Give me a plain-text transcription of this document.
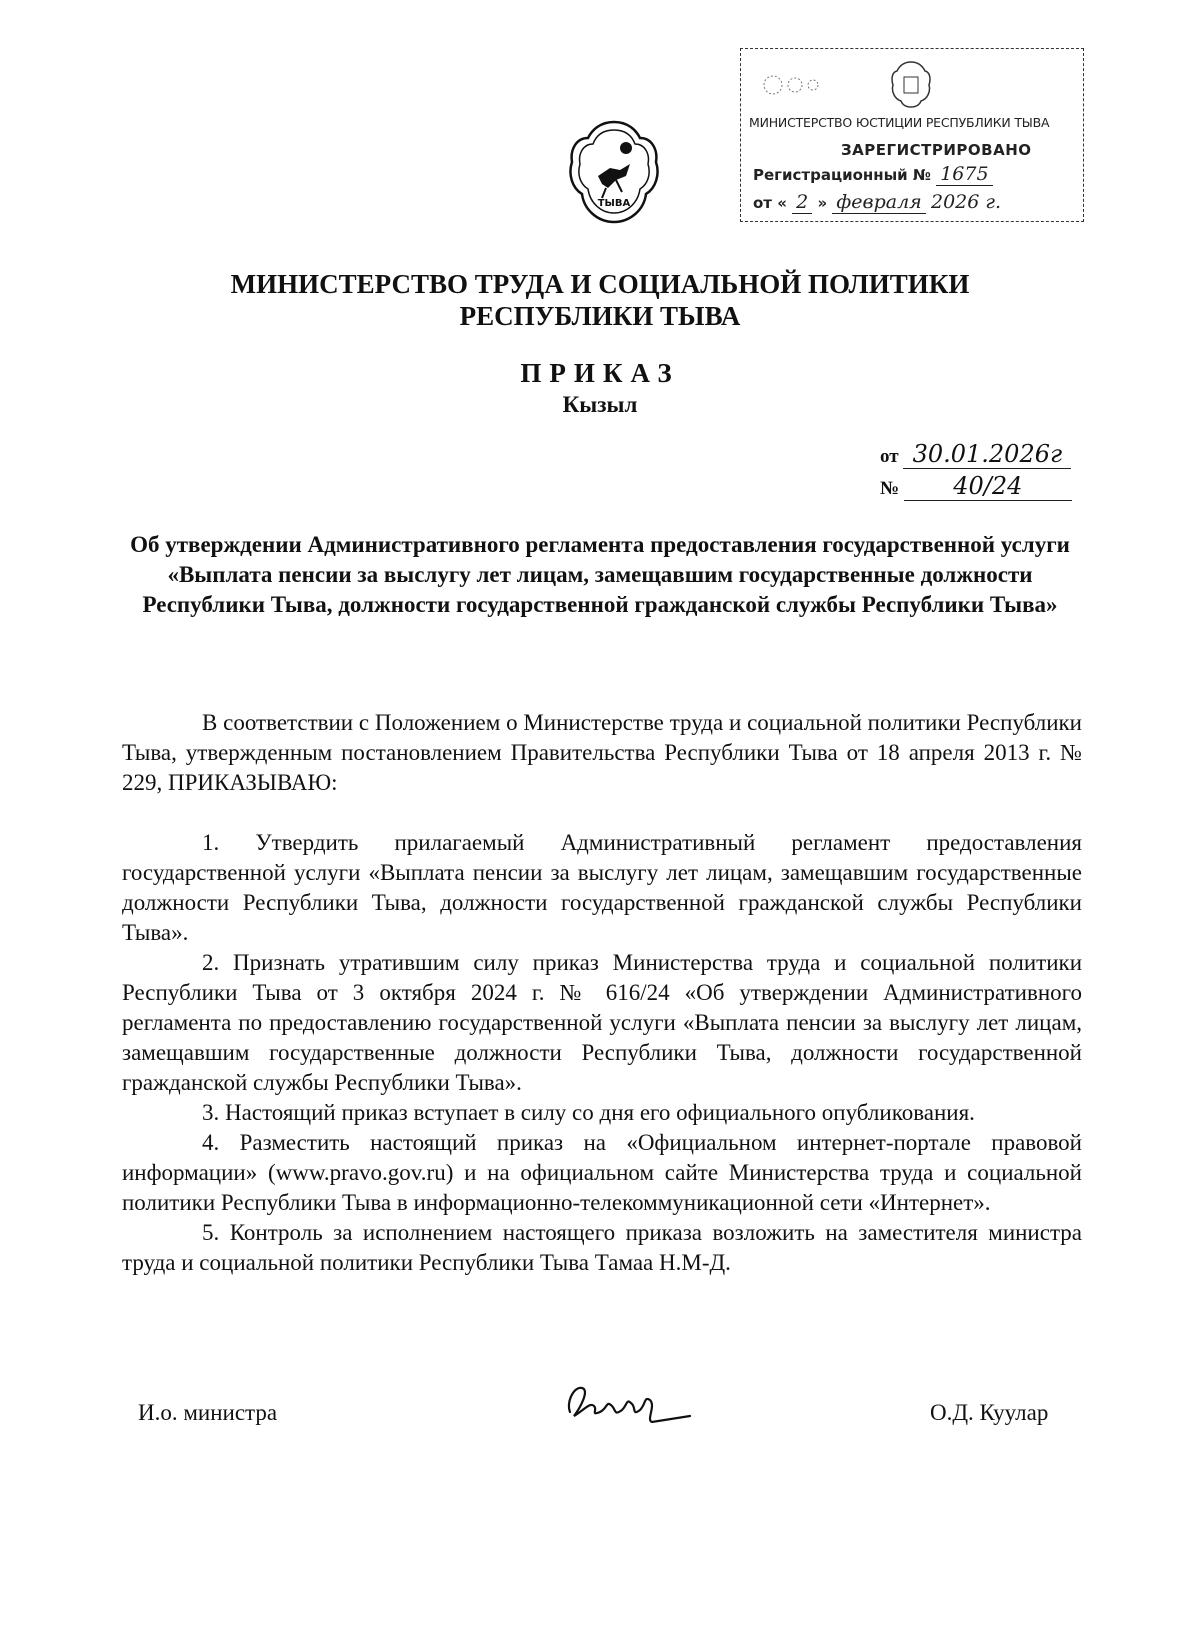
ТЫВА
МИНИСТЕРСТВО ЮСТИЦИИ РЕСПУБЛИКИ ТЫВА
ЗАРЕГИСТРИРОВАНО
Регистрационный № 1675
от « 2 » февраля 2026 г.
МИНИСТЕРСТВО ТРУДА И СОЦИАЛЬНОЙ ПОЛИТИКИ
РЕСПУБЛИКИ ТЫВА
ПРИКАЗ
Кызыл
от 30.01.2026г
№ 40/24
Об утверждении Административного регламента предоставления государственной услуги «Выплата пенсии за выслугу лет лицам, замещавшим государственные должности Республики Тыва, должности государственной гражданской службы Республики Тыва»
В соответствии с Положением о Министерстве труда и социальной политики Республики Тыва, утвержденным постановлением Правительства Республики Тыва от 18 апреля 2013 г. № 229, ПРИКАЗЫВАЮ:

1. Утвердить прилагаемый Административный регламент предоставления государственной услуги «Выплата пенсии за выслугу лет лицам, замещавшим государственные должности Республики Тыва, должности государственной гражданской службы Республики Тыва».

2. Признать утратившим силу приказ Министерства труда и социальной политики Республики Тыва от 3 октября 2024 г. № 616/24 «Об утверждении Административного регламента по предоставлению государственной услуги «Выплата пенсии за выслугу лет лицам, замещавшим государственные должности Республики Тыва, должности государственной гражданской службы Республики Тыва».

3. Настоящий приказ вступает в силу со дня его официального опубликования.

4. Разместить настоящий приказ на «Официальном интернет-портале правовой информации» (www.pravo.gov.ru) и на официальном сайте Министерства труда и социальной политики Республики Тыва в информационно-телекоммуникационной сети «Интернет».

5. Контроль за исполнением настоящего приказа возложить на заместителя министра труда и социальной политики Республики Тыва Тамаа Н.М-Д.

И.о. министра	О.Д. Куулар
